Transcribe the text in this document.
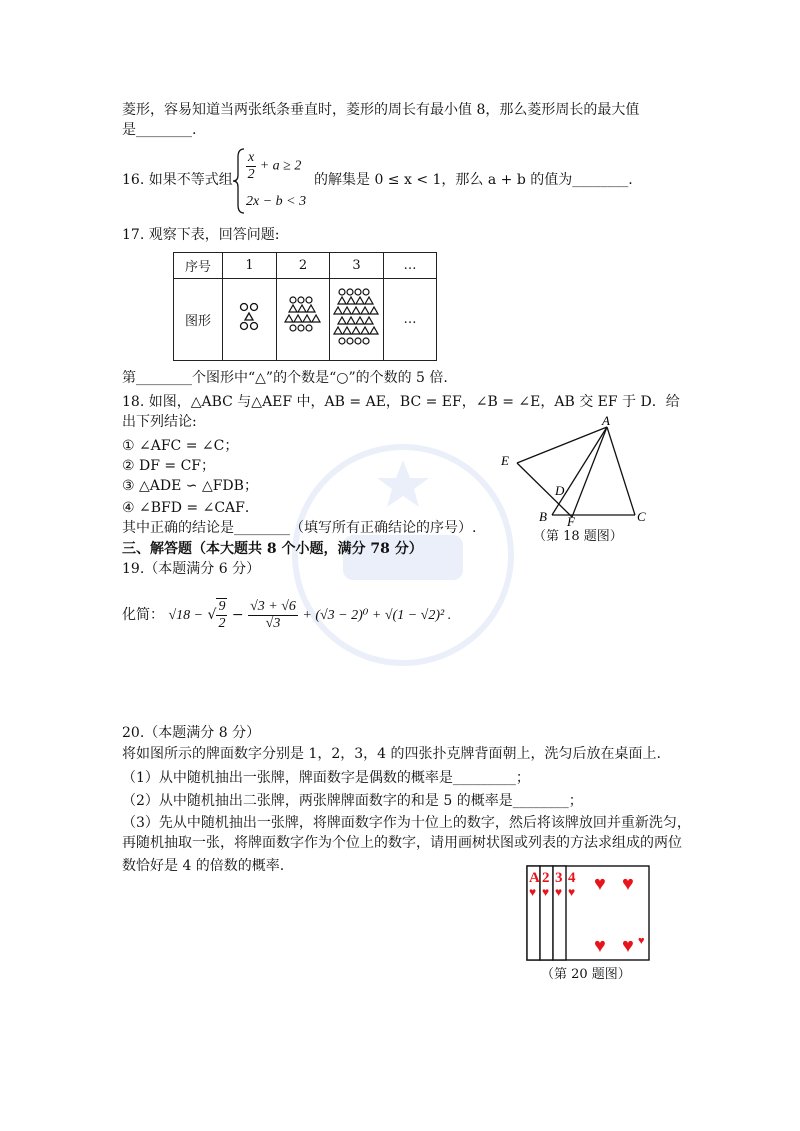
菱形，容易知道当两张纸条垂直时，菱形的周长有最小值 8，那么菱形周长的最大值
是________.
16. 如果不等式组 $\frac{x}{2} + a \ge 2$
2x − b < 3
的解集是 0 ≤ x < 1，那么 a + b 的值为________.
17. 观察下表，回答问题:
序号	1	2	3	…
图形				…
第________个图形中“△”的个数是“○”的个数的 5 倍.
18. 如图，△ABC 与△AEF 中，AB = AE，BC = EF，∠B = ∠E，AB 交 EF 于 D．给
出下列结论:
① ∠AFC = ∠C；
② DF = CF；
③ △ADE ∽ △FDB；
④ ∠BFD = ∠CAF．
其中正确的结论是________（填写所有正确结论的序号）.
A
E
D
B F	C
（第 18 题图）
三、解答题（本大题共 8 个小题，满分 78 分）
19.（本题满分 6 分）
化简： √18 − √ $\frac{9}{2} - \frac{√3 + √6}{√3} + (√3 - 2)^0 + √(1 - √2)^2$ .
20.（本题满分 8 分）
将如图所示的牌面数字分别是 1，2，3，4 的四张扑克牌背面朝上，洗匀后放在桌面上.
（1）从中随机抽出一张牌，牌面数字是偶数的概率是_________；
（2）从中随机抽出二张牌，两张牌牌面数字的和是 5 的概率是________；
（3）先从中随机抽出一张牌，将牌面数字作为十位上的数字，然后将该牌放回并重新洗匀，
再随机抽取一张，将牌面数字作为个位上的数字，请用画树状图或列表的方法求组成的两位
数恰好是 4 的倍数的概率.
A 2 3 4
♥ ♥ ♥ ♥ ♥ ♥
♥ ♥ ♥
（第 20 题图）
